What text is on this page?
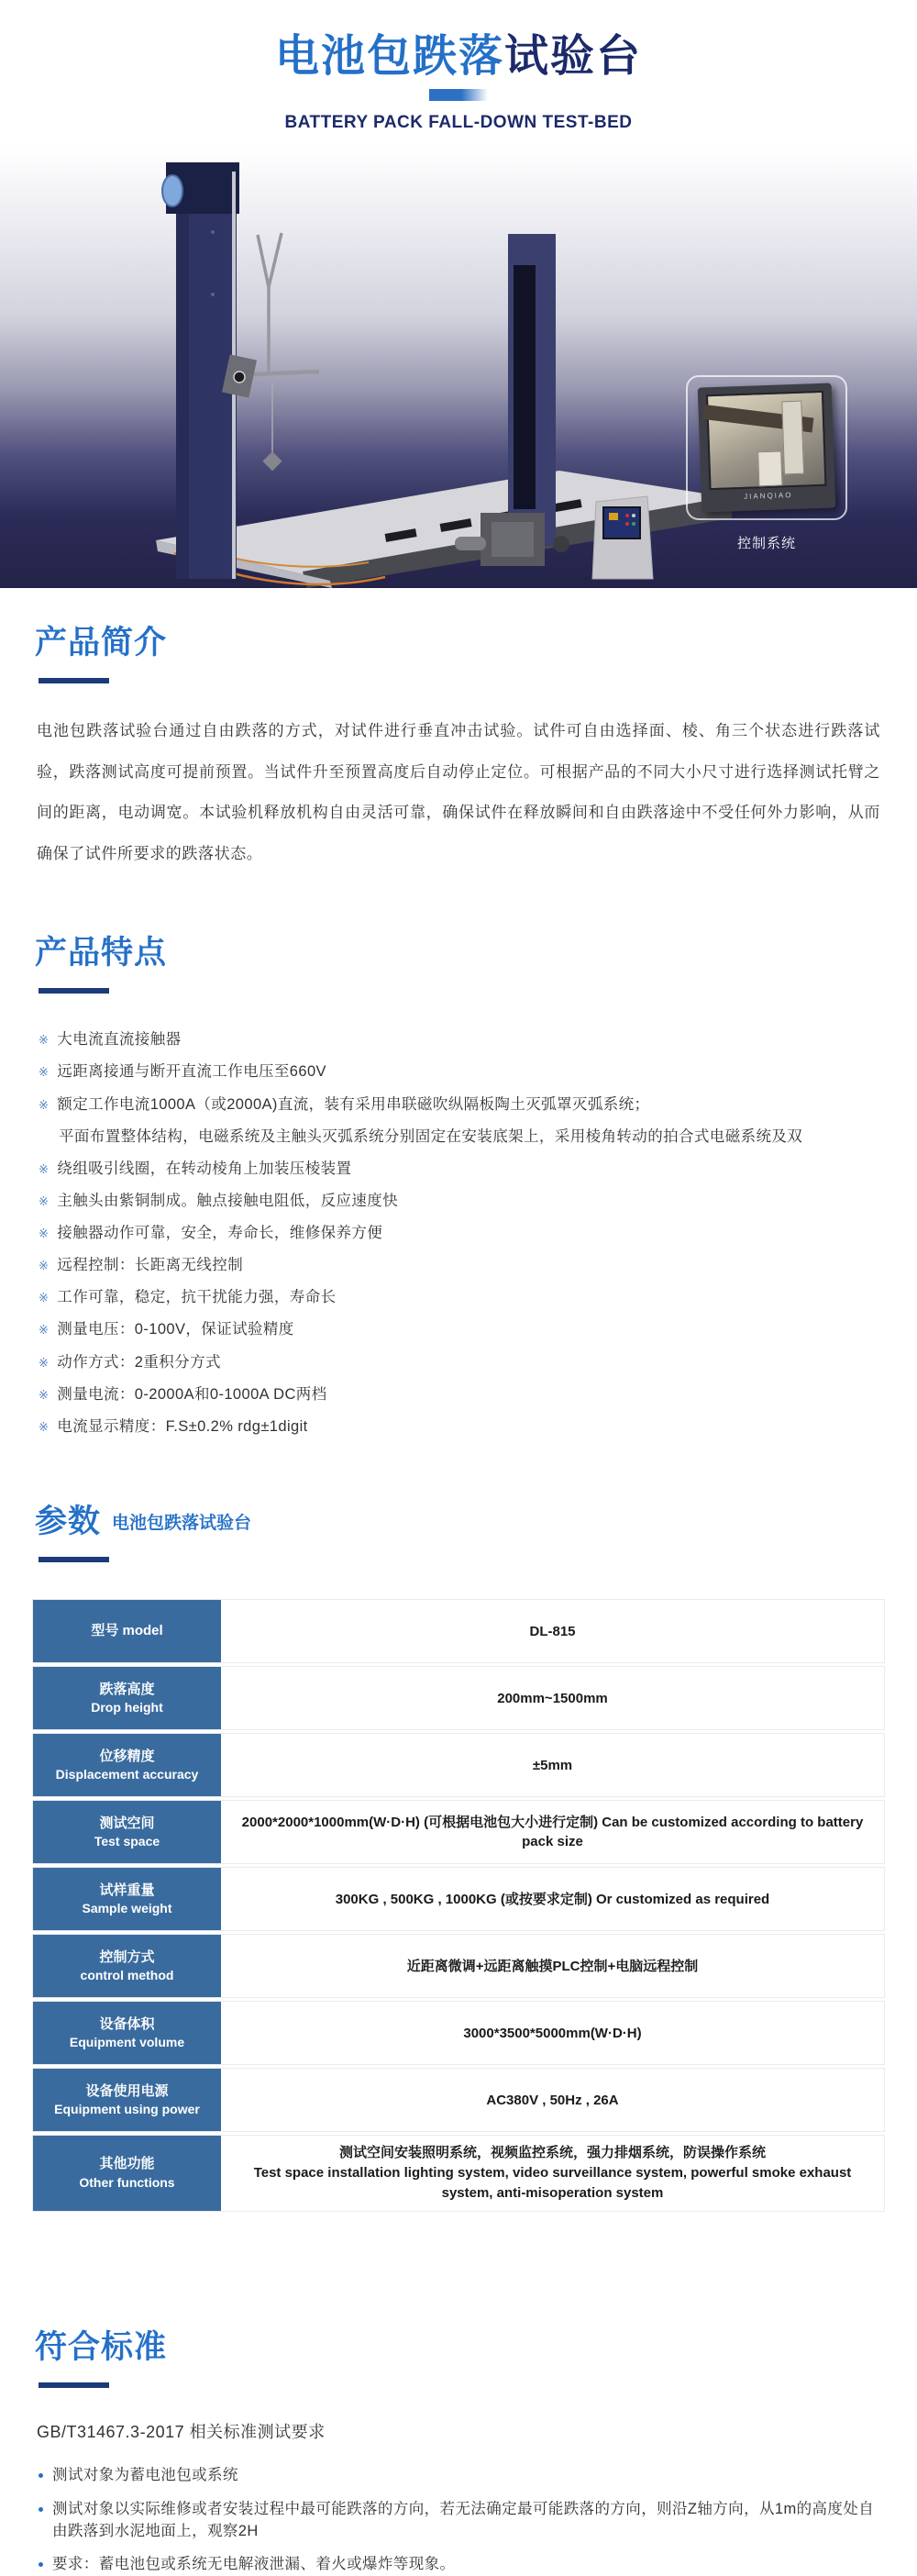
电池包跌落试验台
BATTERY PACK FALL-DOWN TEST-BED
JIANQIAO
控制系统
产品简介

电池包跌落试验台通过自由跌落的方式，对试件进行垂直冲击试验。试件可自由选择面、棱、角三个状态进行跌落试验，跌落测试高度可提前预置。当试件升至预置高度后自动停止定位。可根据产品的不同大小尺寸进行选择测试托臂之间的距离，电动调宽。本试验机释放机构自由灵活可靠，确保试件在释放瞬间和自由跌落途中不受任何外力影响，从而确保了试件所要求的跌落状态。

产品特点
※ 大电流直流接触器
※ 远距离接通与断开直流工作电压至660V
※ 额定工作电流1000A（或2000A)直流，装有采用串联磁吹纵隔板陶土灭弧罩灭弧系统；
平面布置整体结构，电磁系统及主触头灭弧系统分别固定在安装底架上，采用棱角转动的拍合式电磁系统及双
※ 绕组吸引线圈，在转动棱角上加装压棱装置
※ 主触头由紫铜制成。触点接触电阻低，反应速度快
※ 接触器动作可靠，安全，寿命长，维修保养方便
※ 远程控制：长距离无线控制
※ 工作可靠，稳定，抗干扰能力强，寿命长
※ 测量电压：0-100V，保证试验精度
※ 动作方式：2重积分方式
※ 测量电流：0-2000A和0-1000A DC两档
※ 电流显示精度：F.S±0.2% rdg±1digit
参数 $^{电池包跌落试验台}$
型号 model	DL-815
跌落高度
Drop height
200mm~1500mm
位移精度
Displacement accuracy
±5mm
测试空间
Test space
2000*2000*1000mm(W·D·H) (可根据电池包大小进行定制) Can be customized according to battery pack size
试样重量
Sample weight
300KG , 500KG , 1000KG (或按要求定制) Or customized as required
控制方式
control method
近距离微调+远距离触摸PLC控制+电脑远程控制
设备体积
Equipment volume
3000*3500*5000mm(W·D·H)
设备使用电源
Equipment using power
AC380V , 50Hz , 26A
其他功能
Other functions
测试空间安装照明系统，视频监控系统，强力排烟系统，防误操作系统
Test space installation lighting system, video surveillance system, powerful smoke exhaust system, anti-misoperation system
符合标准
GB/T31467.3-2017 相关标准测试要求
测试对象为蓄电池包或系统
测试对象以实际维修或者安装过程中最可能跌落的方向，若无法确定最可能跌落的方向，则沿Z轴方向，从1m的高度处自由跌落到水泥地面上，观察2H
要求：蓄电池包或系统无电解液泄漏、着火或爆炸等现象。
